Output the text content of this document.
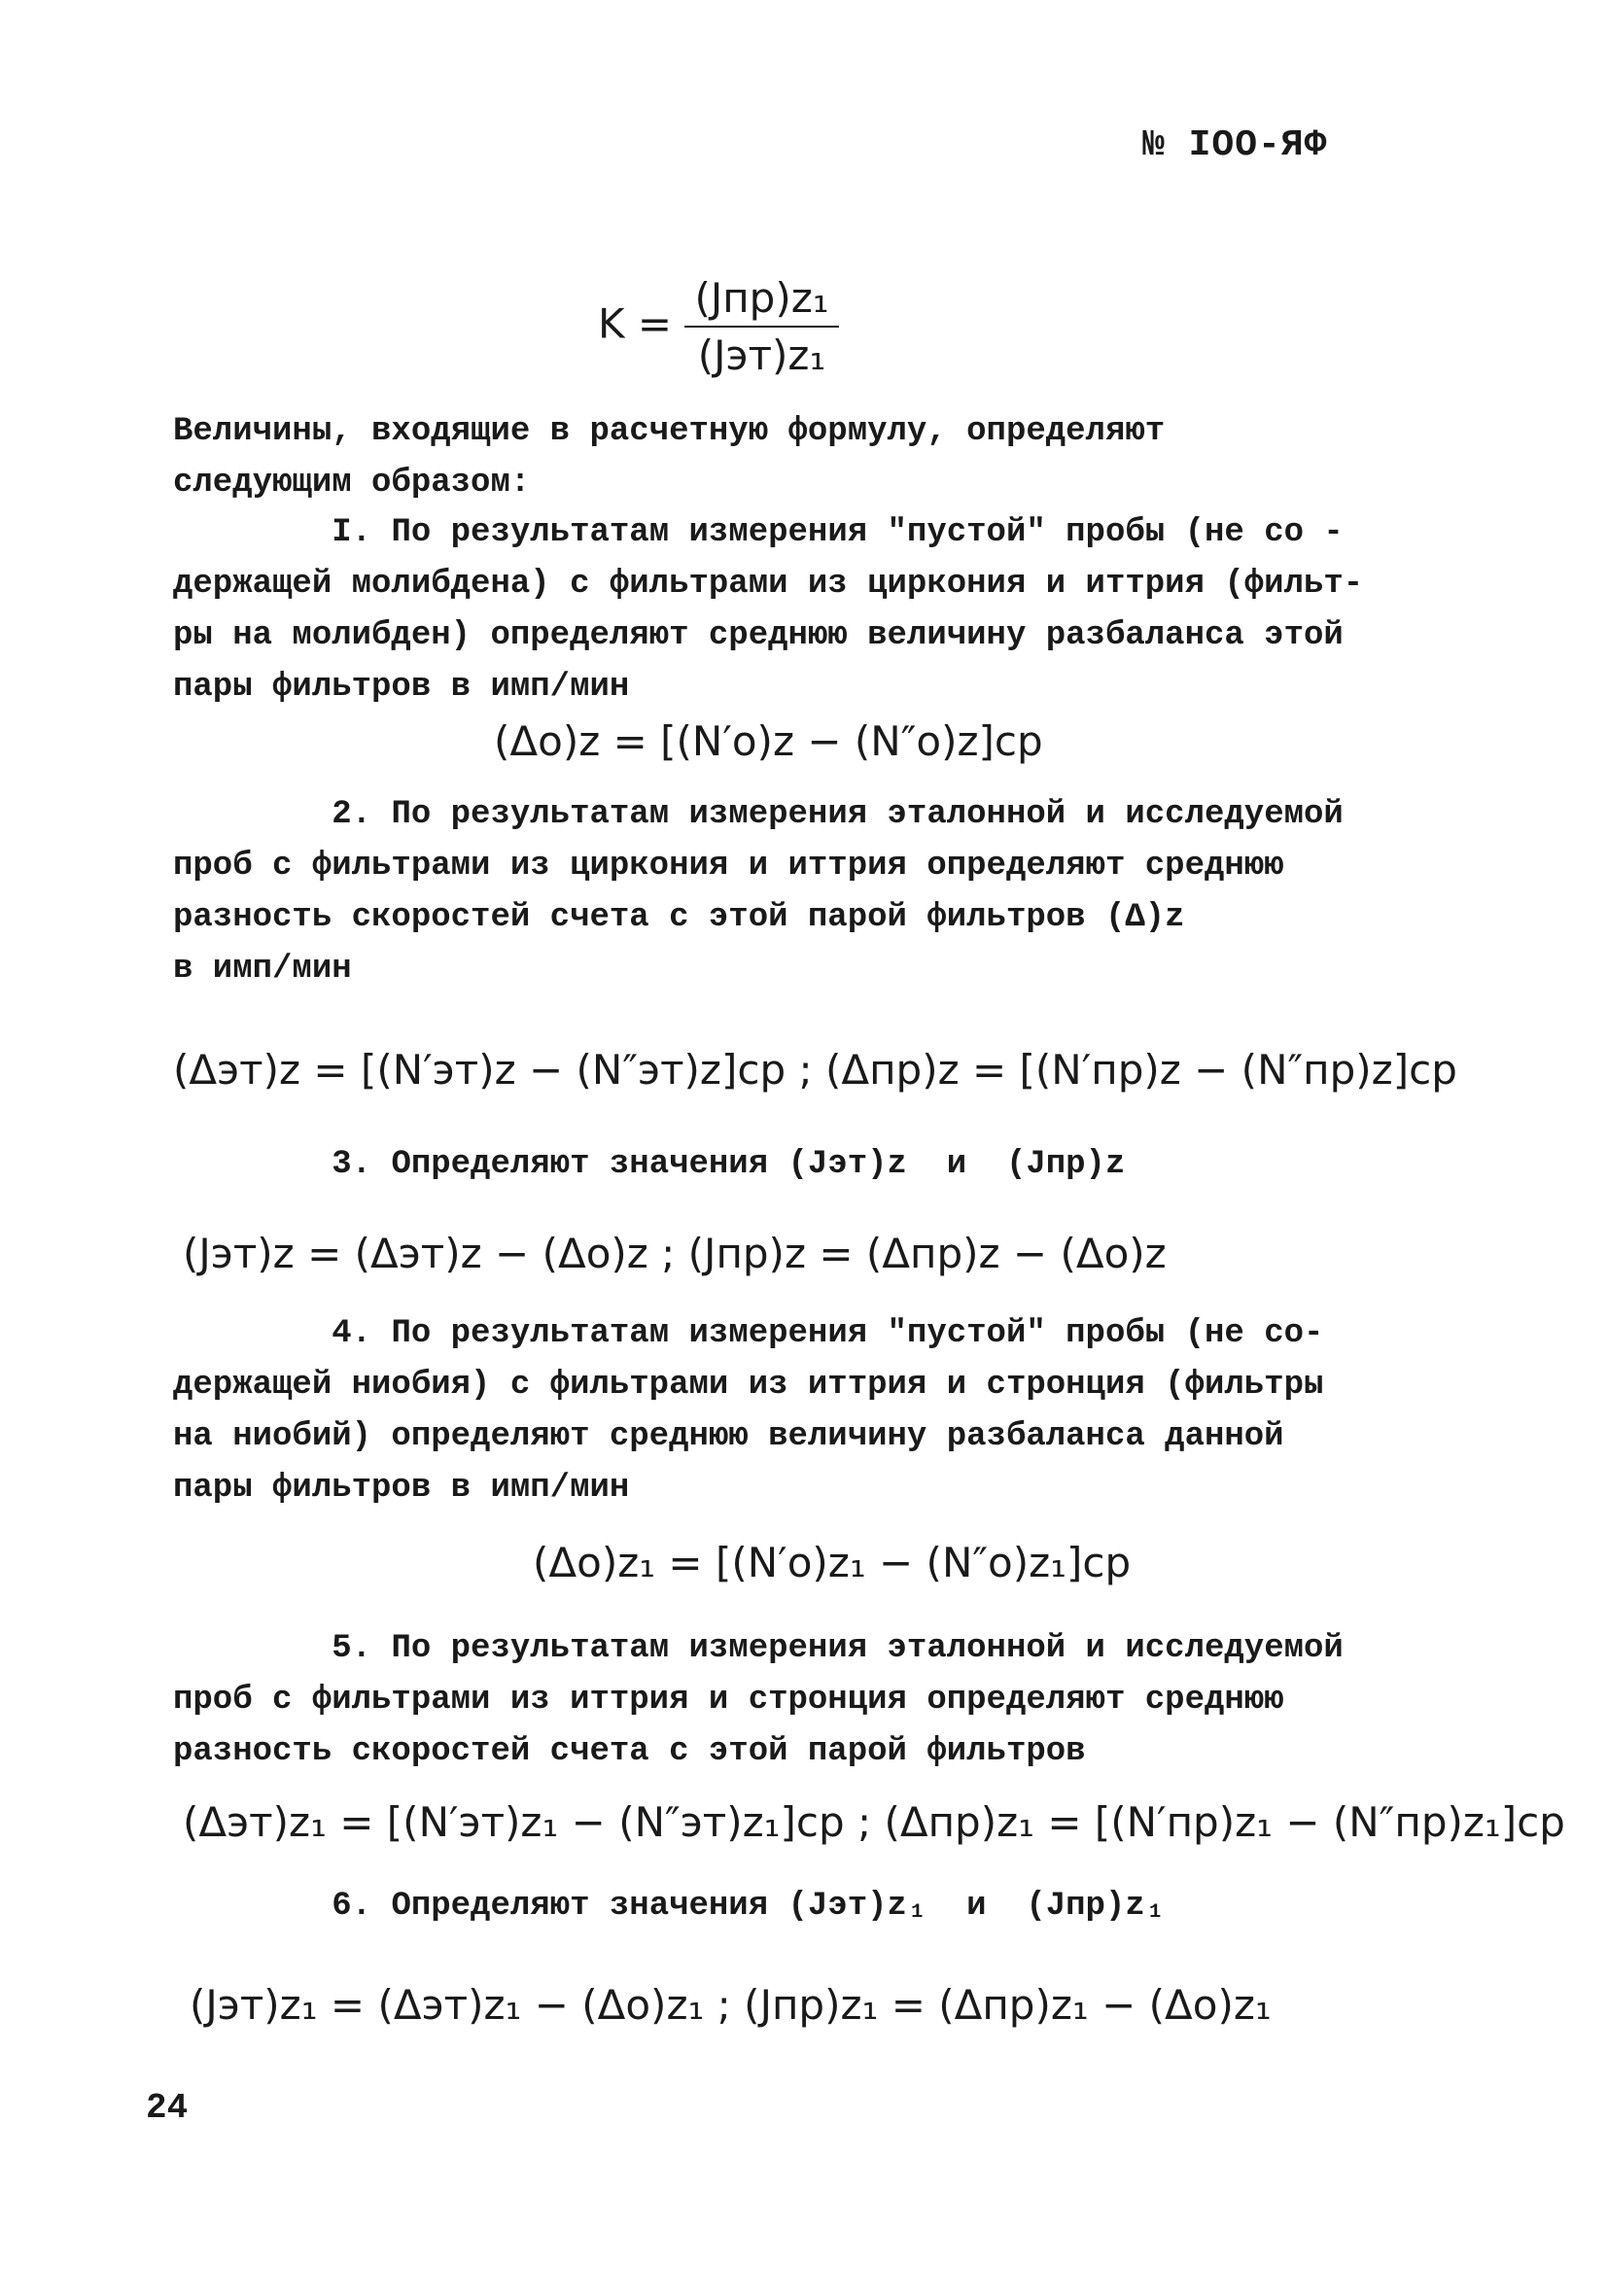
№ IOO-ЯФ
$K = \frac{\text{(Jпр)z₁}}{\text{(Jэт)z₁}}$

Величины, входящие в расчетную формулу, определяют
следующим образом:

I. По результатам измерения "пустой" пробы (не со -
держащей молибдена) с фильтрами из циркония и иттрия (фильт-
ры на молибден) определяют среднюю величину разбаланса этой
пары фильтров в имп/мин

(Δo)z = [(N′o)z − (N″o)z]ср

2. По результатам измерения эталонной и исследуемой
проб с фильтрами из циркония и иттрия определяют среднюю
разность скоростей счета с этой парой фильтров (Δ)z
в имп/мин

(Δэт)z = [(N′эт)z − (N″эт)z]ср ; (Δпр)z = [(N′пр)z − (N″пр)z]ср

3. Определяют значения (Jэт)z  и  (Jпр)z

(Jэт)z = (Δэт)z − (Δo)z ; (Jпр)z = (Δпр)z − (Δo)z

4. По результатам измерения "пустой" пробы (не со-
держащей ниобия) с фильтрами из иттрия и стронция (фильтры
на ниобий) определяют среднюю величину разбаланса данной
пары фильтров в имп/мин

(Δo)z₁ = [(N′o)z₁ − (N″o)z₁]ср

5. По результатам измерения эталонной и исследуемой
проб с фильтрами из иттрия и стронция определяют среднюю
разность скоростей счета с этой парой фильтров

(Δэт)z₁ = [(N′эт)z₁ − (N″эт)z₁]ср ; (Δпр)z₁ = [(N′пр)z₁ − (N″пр)z₁]ср

6. Определяют значения (Jэт)z₁  и  (Jпр)z₁

(Jэт)z₁ = (Δэт)z₁ − (Δo)z₁ ; (Jпр)z₁ = (Δпр)z₁ − (Δo)z₁
24
